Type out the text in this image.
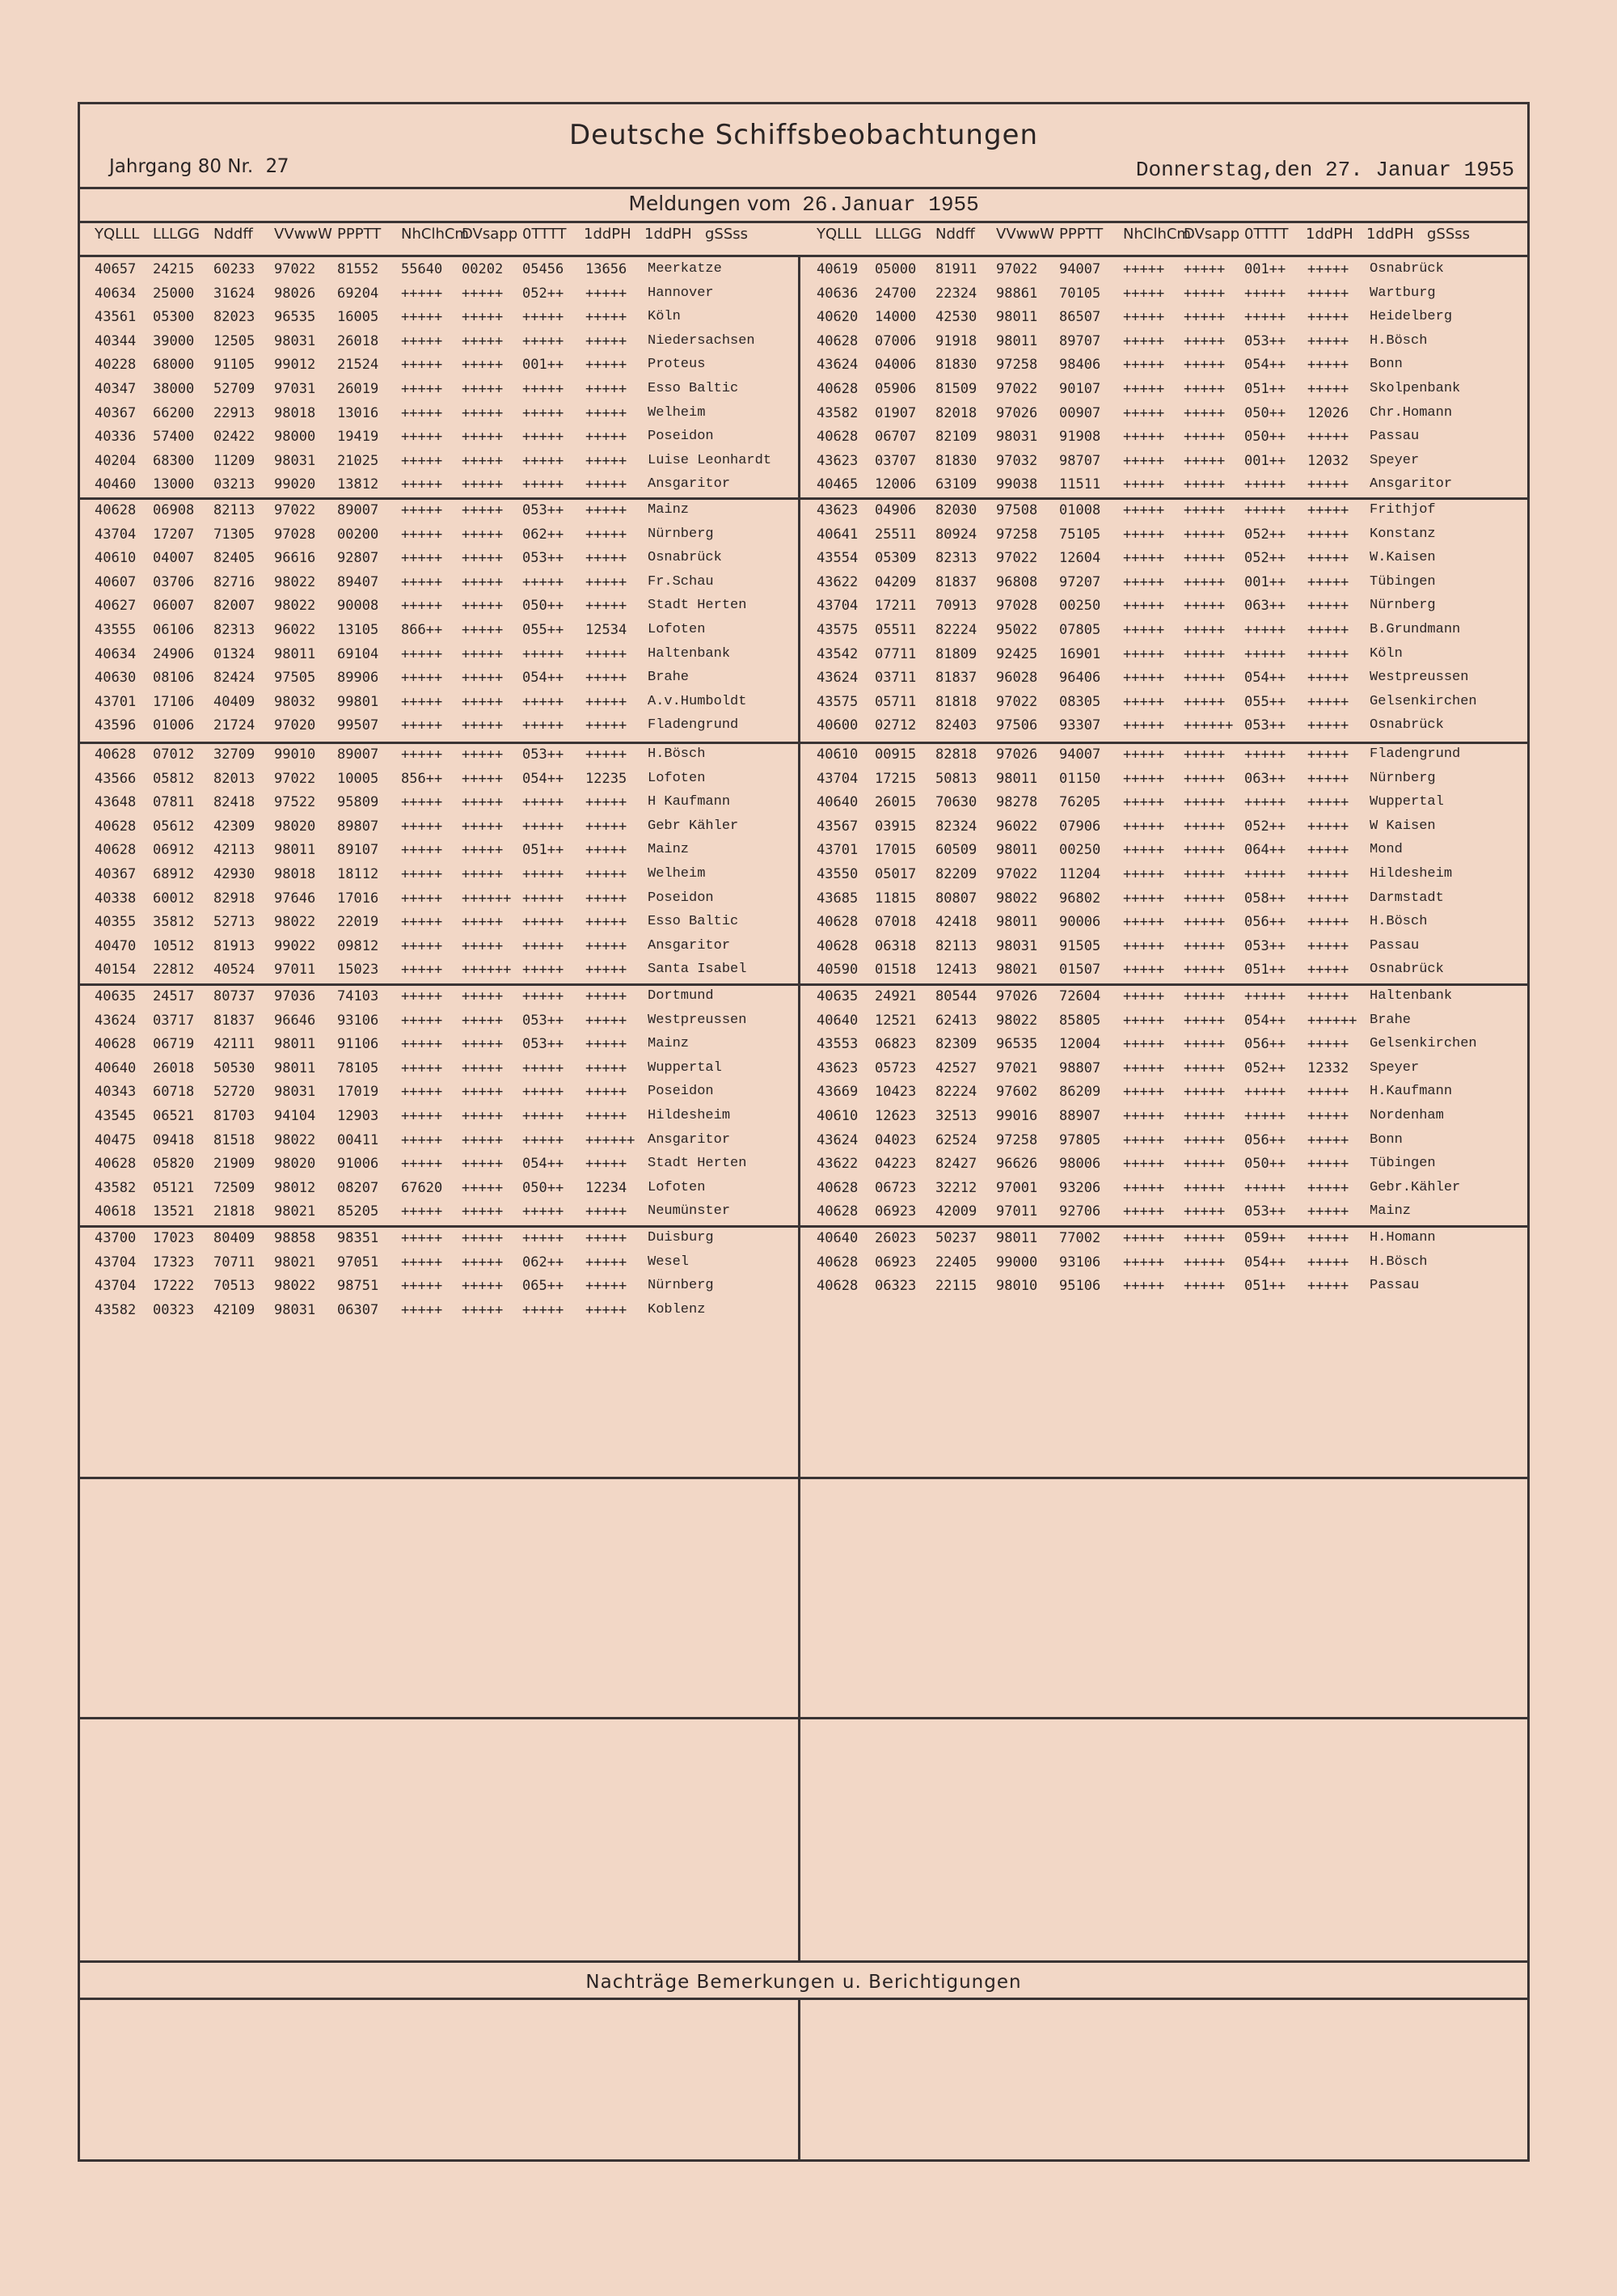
Deutsche Schiffsbeobachtungen
Jahrgang 80 Nr. 27	Donnerstag,den 27. Januar 1955
Meldungen vom 26.Januar 1955
YQLLL LLLGG Nddff VVwwW PPPTT NhClhCm
DVsapp 0TTTT 1ddPH 1ddPH gSSss	YQLLL LLLGG Nddff VVwwW PPPTT NhClhCm
DVsapp 0TTTT 1ddPH 1ddPH gSSss
40657 24215 60233 97022 81552 55640 00202 05456 13656 Meerkatze
40634 25000 31624 98026 69204 +++++ +++++ 052++ +++++ Hannover
43561 05300 82023 96535 16005 +++++ +++++ +++++ +++++ Köln
40344 39000 12505 98031 26018 +++++ +++++ +++++ +++++ Niedersachsen
40228 68000 91105 99012 21524 +++++ +++++ 001++ +++++ Proteus
40347 38000 52709 97031 26019 +++++ +++++ +++++ +++++ Esso Baltic
40367 66200 22913 98018 13016 +++++ +++++ +++++ +++++ Welheim
40336 57400 02422 98000 19419 +++++ +++++ +++++ +++++ Poseidon
40204 68300 11209 98031 21025 +++++ +++++ +++++ +++++ Luise Leonhardt
40460 13000 03213 99020 13812 +++++ +++++ +++++ +++++ Ansgaritor
40619 05000 81911 97022 94007 +++++ +++++ 001++ +++++ Osnabrück
40636 24700 22324 98861 70105 +++++ +++++ +++++ +++++ Wartburg
40620 14000 42530 98011 86507 +++++ +++++ +++++ +++++ Heidelberg
40628 07006 91918 98011 89707 +++++ +++++ 053++ +++++ H.Bösch
43624 04006 81830 97258 98406 +++++ +++++ 054++ +++++ Bonn
40628 05906 81509 97022 90107 +++++ +++++ 051++ +++++ Skolpenbank
43582 01907 82018 97026 00907 +++++ +++++ 050++ 12026 Chr.Homann
40628 06707 82109 98031 91908 +++++ +++++ 050++ +++++ Passau
43623 03707 81830 97032 98707 +++++ +++++ 001++ 12032 Speyer
40465 12006 63109 99038 11511 +++++ +++++ +++++ +++++ Ansgaritor
40628 06908 82113 97022 89007 +++++ +++++ 053++ +++++ Mainz
43704 17207 71305 97028 00200 +++++ +++++ 062++ +++++ Nürnberg
40610 04007 82405 96616 92807 +++++ +++++ 053++ +++++ Osnabrück
40607 03706 82716 98022 89407 +++++ +++++ +++++ +++++ Fr.Schau
40627 06007 82007 98022 90008 +++++ +++++ 050++ +++++ Stadt Herten
43555 06106 82313 96022 13105 866++ +++++ 055++ 12534 Lofoten
40634 24906 01324 98011 69104 +++++ +++++ +++++ +++++ Haltenbank
40630 08106 82424 97505 89906 +++++ +++++ 054++ +++++ Brahe
43701 17106 40409 98032 99801 +++++ +++++ +++++ +++++ A.v.Humboldt
43596 01006 21724 97020 99507 +++++ +++++ +++++ +++++ Fladengrund
43623 04906 82030 97508 01008 +++++ +++++ +++++ +++++ Frithjof
40641 25511 80924 97258 75105 +++++ +++++ 052++ +++++ Konstanz
43554 05309 82313 97022 12604 +++++ +++++ 052++ +++++ W.Kaisen
43622 04209 81837 96808 97207 +++++ +++++ 001++ +++++ Tübingen
43704 17211 70913 97028 00250 +++++ +++++ 063++ +++++ Nürnberg
43575 05511 82224 95022 07805 +++++ +++++ +++++ +++++ B.Grundmann
43542 07711 81809 92425 16901 +++++ +++++ +++++ +++++ Köln
43624 03711 81837 96028 96406 +++++ +++++ 054++ +++++ Westpreussen
43575 05711 81818 97022 08305 +++++ +++++ 055++ +++++ Gelsenkirchen
40600 02712 82403 97506 93307 +++++ ++++++ 053++ +++++ Osnabrück
40628 07012 32709 99010 89007 +++++ +++++ 053++ +++++ H.Bösch
43566 05812 82013 97022 10005 856++ +++++ 054++ 12235 Lofoten
43648 07811 82418 97522 95809 +++++ +++++ +++++ +++++ H Kaufmann
40628 05612 42309 98020 89807 +++++ +++++ +++++ +++++ Gebr Kähler
40628 06912 42113 98011 89107 +++++ +++++ 051++ +++++ Mainz
40367 68912 42930 98018 18112 +++++ +++++ +++++ +++++ Welheim
40338 60012 82918 97646 17016 +++++ ++++++ +++++ +++++ Poseidon
40355 35812 52713 98022 22019 +++++ +++++ +++++ +++++ Esso Baltic
40470 10512 81913 99022 09812 +++++ +++++ +++++ +++++ Ansgaritor
40154 22812 40524 97011 15023 +++++ ++++++ +++++ +++++ Santa Isabel
40610 00915 82818 97026 94007 +++++ +++++ +++++ +++++ Fladengrund
43704 17215 50813 98011 01150 +++++ +++++ 063++ +++++ Nürnberg
40640 26015 70630 98278 76205 +++++ +++++ +++++ +++++ Wuppertal
43567 03915 82324 96022 07906 +++++ +++++ 052++ +++++ W Kaisen
43701 17015 60509 98011 00250 +++++ +++++ 064++ +++++ Mond
43550 05017 82209 97022 11204 +++++ +++++ +++++ +++++ Hildesheim
43685 11815 80807 98022 96802 +++++ +++++ 058++ +++++ Darmstadt
40628 07018 42418 98011 90006 +++++ +++++ 056++ +++++ H.Bösch
40628 06318 82113 98031 91505 +++++ +++++ 053++ +++++ Passau
40590 01518 12413 98021 01507 +++++ +++++ 051++ +++++ Osnabrück
40635 24517 80737 97036 74103 +++++ +++++ +++++ +++++ Dortmund
43624 03717 81837 96646 93106 +++++ +++++ 053++ +++++ Westpreussen
40628 06719 42111 98011 91106 +++++ +++++ 053++ +++++ Mainz
40640 26018 50530 98011 78105 +++++ +++++ +++++ +++++ Wuppertal
40343 60718 52720 98031 17019 +++++ +++++ +++++ +++++ Poseidon
43545 06521 81703 94104 12903 +++++ +++++ +++++ +++++ Hildesheim
40475 09418 81518 98022 00411 +++++ +++++ +++++ ++++++ Ansgaritor
40628 05820 21909 98020 91006 +++++ +++++ 054++ +++++ Stadt Herten
43582 05121 72509 98012 08207 67620 +++++ 050++ 12234 Lofoten
40618 13521 21818 98021 85205 +++++ +++++ +++++ +++++ Neumünster
40635 24921 80544 97026 72604 +++++ +++++ +++++ +++++ Haltenbank
40640 12521 62413 98022 85805 +++++ +++++ 054++ ++++++ Brahe
43553 06823 82309 96535 12004 +++++ +++++ 056++ +++++ Gelsenkirchen
43623 05723 42527 97021 98807 +++++ +++++ 052++ 12332 Speyer
43669 10423 82224 97602 86209 +++++ +++++ +++++ +++++ H.Kaufmann
40610 12623 32513 99016 88907 +++++ +++++ +++++ +++++ Nordenham
43624 04023 62524 97258 97805 +++++ +++++ 056++ +++++ Bonn
43622 04223 82427 96626 98006 +++++ +++++ 050++ +++++ Tübingen
40628 06723 32212 97001 93206 +++++ +++++ +++++ +++++ Gebr.Kähler
40628 06923 42009 97011 92706 +++++ +++++ 053++ +++++ Mainz
43700 17023 80409 98858 98351 +++++ +++++ +++++ +++++ Duisburg
43704 17323 70711 98021 97051 +++++ +++++ 062++ +++++ Wesel
43704 17222 70513 98022 98751 +++++ +++++ 065++ +++++ Nürnberg
43582 00323 42109 98031 06307 +++++ +++++ +++++ +++++ Koblenz
40640 26023 50237 98011 77002 +++++ +++++ 059++ +++++ H.Homann
40628 06923 22405 99000 93106 +++++ +++++ 054++ +++++ H.Bösch
40628 06323 22115 98010 95106 +++++ +++++ 051++ +++++ Passau
Nachträge Bemerkungen u. Berichtigungen
